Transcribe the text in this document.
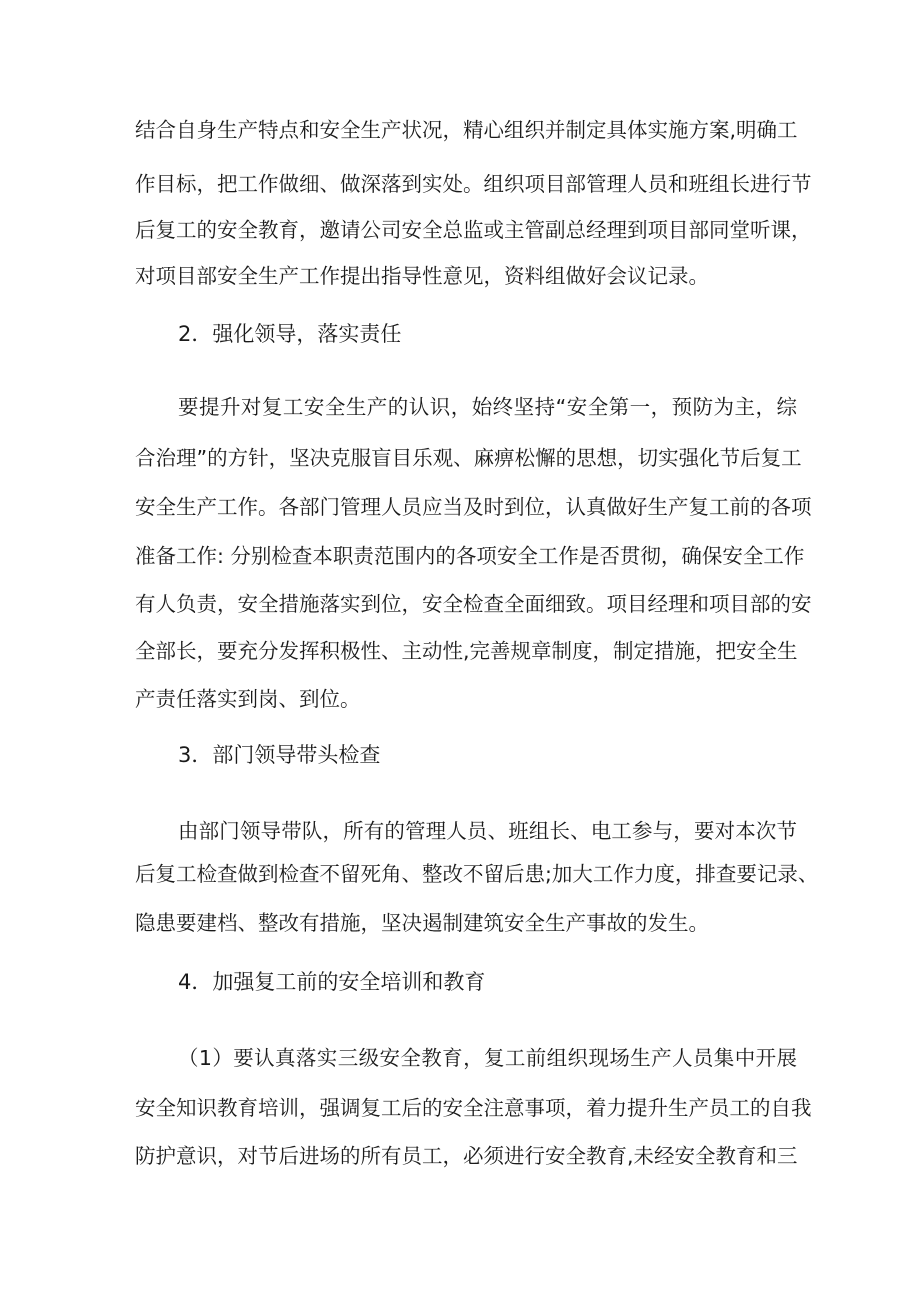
结合自身生产特点和安全生产状况，精心组织并制定具体实施方案,明确工
作目标，把工作做细、做深落到实处。组织项目部管理人员和班组长进行节
后复工的安全教育，邀请公司安全总监或主管副总经理到项目部同堂听课，
对项目部安全生产工作提出指导性意见，资料组做好会议记录。
2．强化领导，落实责任
要提升对复工安全生产的认识，始终坚持“安全第一，预防为主，综
合治理”的方针，坚决克服盲目乐观、麻痹松懈的思想，切实强化节后复工
安全生产工作。各部门管理人员应当及时到位，认真做好生产复工前的各项
准备工作: 分别检查本职责范围内的各项安全工作是否贯彻，确保安全工作
有人负责，安全措施落实到位，安全检查全面细致。项目经理和项目部的安
全部长，要充分发挥积极性、主动性,完善规章制度，制定措施，把安全生
产责任落实到岗、到位。
3．部门领导带头检查
由部门领导带队，所有的管理人员、班组长、电工参与，要对本次节
后复工检查做到检查不留死角、整改不留后患;加大工作力度，排查要记录、
隐患要建档、整改有措施，坚决遏制建筑安全生产事故的发生。
4．加强复工前的安全培训和教育
（1）要认真落实三级安全教育，复工前组织现场生产人员集中开展
安全知识教育培训，强调复工后的安全注意事项，着力提升生产员工的自我
防护意识，对节后进场的所有员工，必须进行安全教育,未经安全教育和三
